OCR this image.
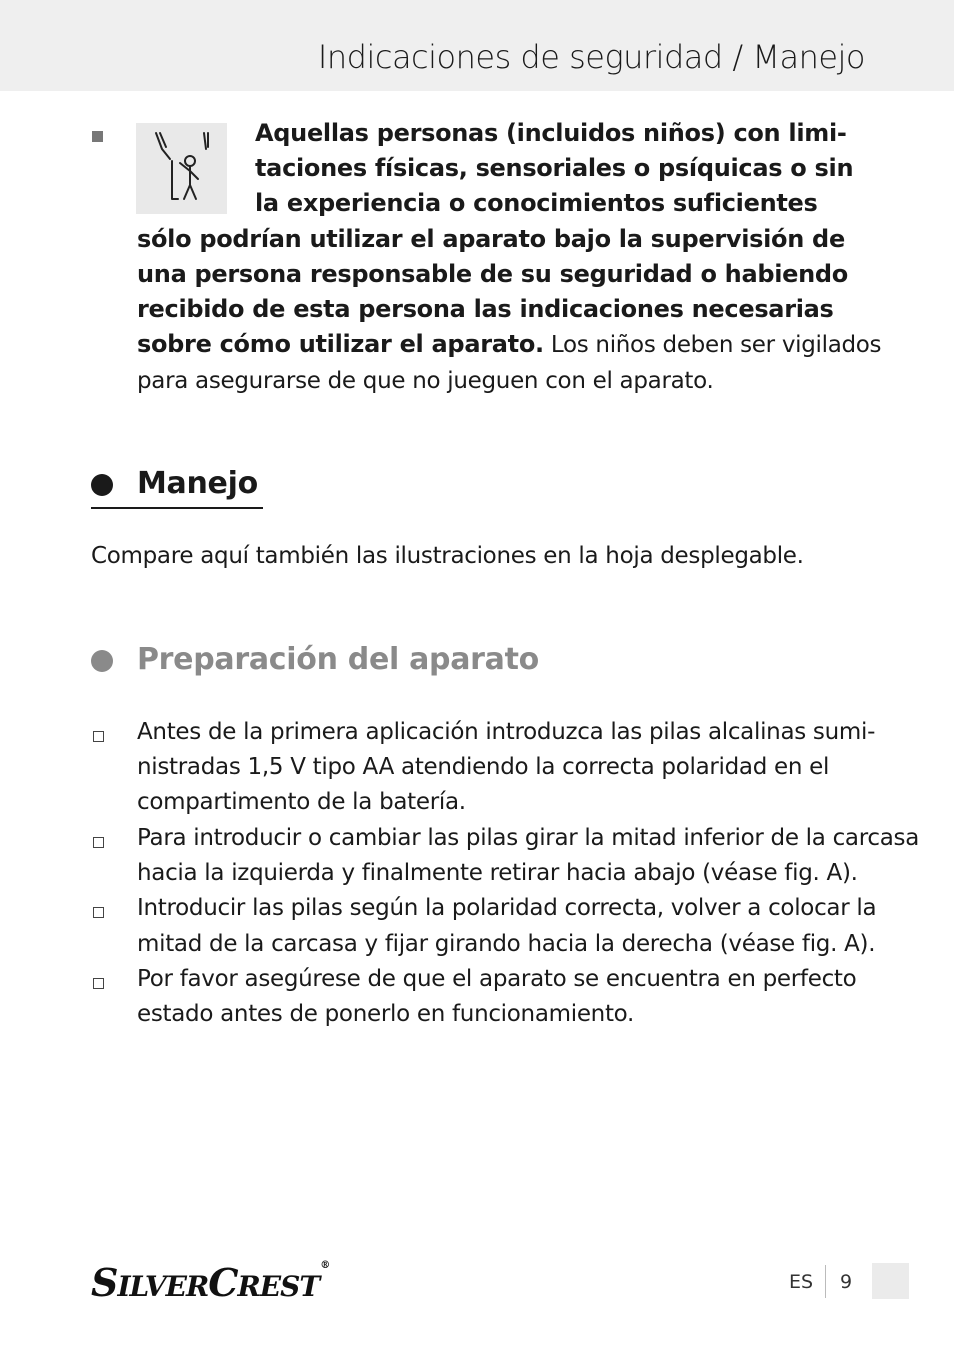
Indicaciones de seguridad / Manejo
Aquellas personas (incluidos niños) con limi-
taciones físicas, sensoriales o psíquicas o sin
la experiencia o conocimientos suficientes
sólo podrían utilizar el aparato bajo la supervisión de
una persona responsable de su seguridad o habiendo
recibido de esta persona las indicaciones necesarias
sobre cómo utilizar el aparato. Los niños deben ser vigilados
para asegurarse de que no jueguen con el aparato.
Manejo
Compare aquí también las ilustraciones en la hoja desplegable.
Preparación del aparato
Antes de la primera aplicación introduzca las pilas alcalinas sumi-
nistradas 1,5 V tipo AA atendiendo la correcta polaridad en el
compartimento de la batería.
Para introducir o cambiar las pilas girar la mitad inferior de la carcasa
hacia la izquierda y finalmente retirar hacia abajo (véase fig. A).
Introducir las pilas según la polaridad correcta, volver a colocar la
mitad de la carcasa y fijar girando hacia la derecha (véase fig. A).
Por favor asegúrese de que el aparato se encuentra en perfecto
estado antes de ponerlo en funcionamiento.
SILVERCREST®
ES 9
